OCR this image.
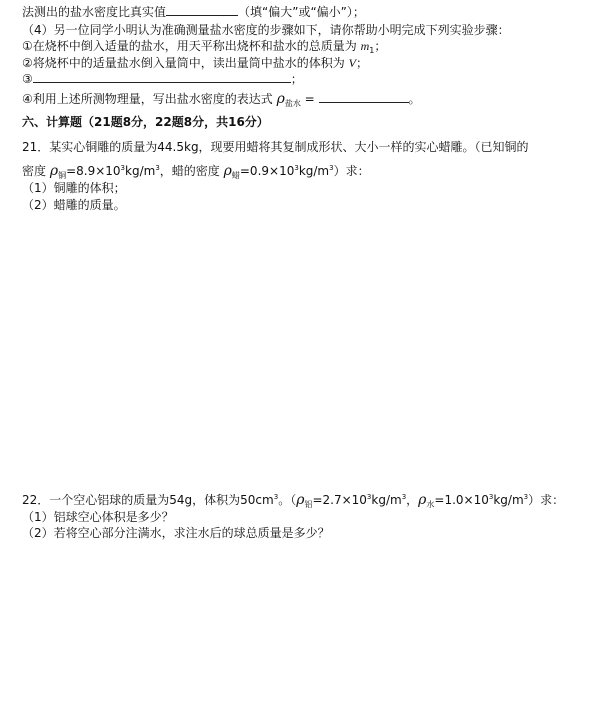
法测出的盐水密度比真实值	（填“偏大”或“偏小”）；
（4）另一位同学小明认为准确测量盐水密度的步骤如下，请你帮助小明完成下列实验步骤：
①在烧杯中倒入适量的盐水，用天平称出烧杯和盐水的总质量为 $m_1$；
②将烧杯中的适量盐水倒入量筒中，读出量筒中盐水的体积为 V；
③	；
④利用上述所测物理量，写出盐水密度的表达式 $\rho_{盐水}$ =	。
六、计算题（21题8分，22题8分，共16分）
21．某实心铜雕的质量为44.5kg，现要用蜡将其复制成形状、大小一样的实心蜡雕。（已知铜的
密度 $\rho_铜=8.9\times 10^3kg/m^3$，蜡的密度 $\rho_蜡=0.9\times 10^3kg/m^3$）求：
（1）铜雕的体积；
（2）蜡雕的质量。
22．一个空心铝球的质量为54g，体积为$50cm^3$。（$\rho_铝=2.7\times 10^3kg/m^3$，$\rho_水=1.0\times 10^3kg/m^3$）求：
（1）铝球空心体积是多少？
（2）若将空心部分注满水，求注水后的球总质量是多少？
